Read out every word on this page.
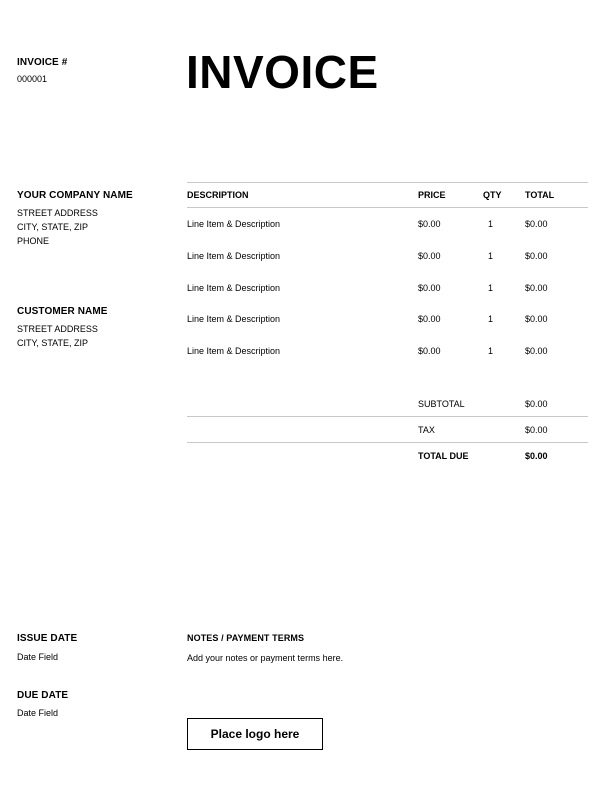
INVOICE #
000001	INVOICE
YOUR COMPANY NAME
STREET ADDRESS
CITY, STATE, ZIP
PHONE
CUSTOMER NAME
STREET ADDRESS
CITY, STATE, ZIP
DESCRIPTION	PRICE	QTY	TOTAL
Line Item & Description	$0.00	1	$0.00
Line Item & Description	$0.00	1	$0.00
Line Item & Description	$0.00	1	$0.00
Line Item & Description	$0.00	1	$0.00
Line Item & Description	$0.00	1	$0.00
SUBTOTAL	$0.00
TAX	$0.00
TOTAL DUE	$0.00
ISSUE DATE
Date Field
DUE DATE
Date Field
NOTES / PAYMENT TERMS
Add your notes or payment terms here.
Place logo here
